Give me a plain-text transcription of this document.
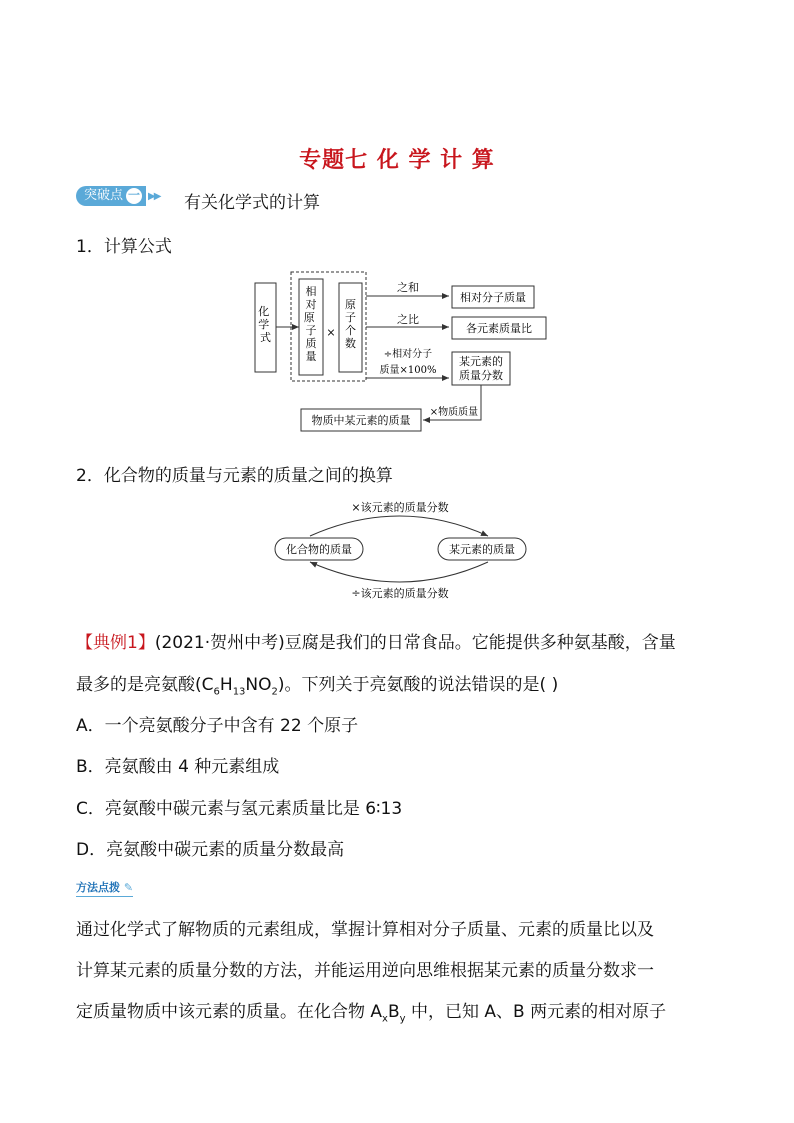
专题七 化 学 计 算
突破点 一 ▶▶ 有关化学式的计算
1．计算公式
化 学 式
相对原 子质量
×
原子个数
之和
之比
÷相对分子
质量×100%
相对分子质量
各元素质量比
某元素的
质量分数
×物质质量
物质中某元素的质量
2．化合物的质量与元素的质量之间的换算
×该元素的质量分数
化合物的质量	某元素的质量
÷该元素的质量分数
【典例1】(2021·贺州中考)豆腐是我们的日常食品。它能提供多种氨基酸，含量
最多的是亮氨酸$(C_6H_{13}NO_2)$。下列关于亮氨酸的说法错误的是( )
A．一个亮氨酸分子中含有 22 个原子
B．亮氨酸由 4 种元素组成
C．亮氨酸中碳元素与氢元素质量比是 6∶13
D．亮氨酸中碳元素的质量分数最高
方法点拨 ✎
通过化学式了解物质的元素组成，掌握计算相对分子质量、元素的质量比以及
计算某元素的质量分数的方法，并能运用逆向思维根据某元素的质量分数求一
定质量物质中该元素的质量。在化合物 $A_xB_y$ 中，已知 A、B 两元素的相对原子
